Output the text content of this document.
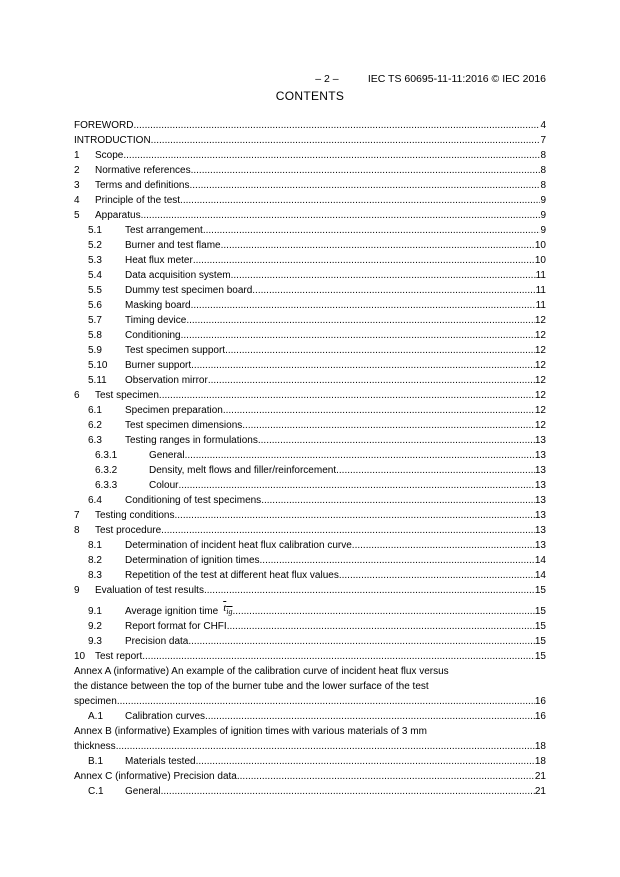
– 2 –	IEC TS 60695-11-11:2016 © IEC 2016

CONTENTS
FOREWORD .....	4
INTRODUCTION .....	7
1	Scope .....	8
2	Normative references .....	8
3	Terms and definitions .....	8
4	Principle of the test .....	9
5	Apparatus .....	9
5.1	Test arrangement .....	9
5.2	Burner and test flame .....	10
5.3	Heat flux meter .....	10
5.4	Data acquisition system .....	11
5.5	Dummy test specimen board .....	11
5.6	Masking board .....	11
5.7	Timing device .....	12
5.8	Conditioning .....	12
5.9	Test specimen support .....	12
5.10	Burner support .....	12
5.11	Observation mirror .....	12
6	Test specimen .....	12
6.1	Specimen preparation .....	12
6.2	Test specimen dimensions .....	12
6.3	Testing ranges in formulations .....	13
6.3.1	General .....	13
6.3.2	Density, melt flows and filler/reinforcement .....	13
6.3.3	Colour .....	13
6.4	Conditioning of test specimens .....	13
7	Testing conditions .....	13
8	Test procedure .....	13
8.1	Determination of incident heat flux calibration curve .....	13
8.2	Determination of ignition times .....	14
8.3	Repetition of the test at different heat flux values .....	14
9	Evaluation of test results .....	15
9.1	Average ignition time $t_{ig}$ .....	15
9.2	Report format for CHFI .....	15
9.3	Precision data .....	15
10 Test report .....	15
Annex A (informative) An example of the calibration curve of incident heat flux versus
the distance between the top of the burner tube and the lower surface of the test
specimen .....	16
A.1	Calibration curves .....	16
Annex B (informative) Examples of ignition times with various materials of 3 mm
thickness .....	18
B.1	Materials tested .....	18
Annex C (informative) Precision data .....	21
C.1	General .....	21
